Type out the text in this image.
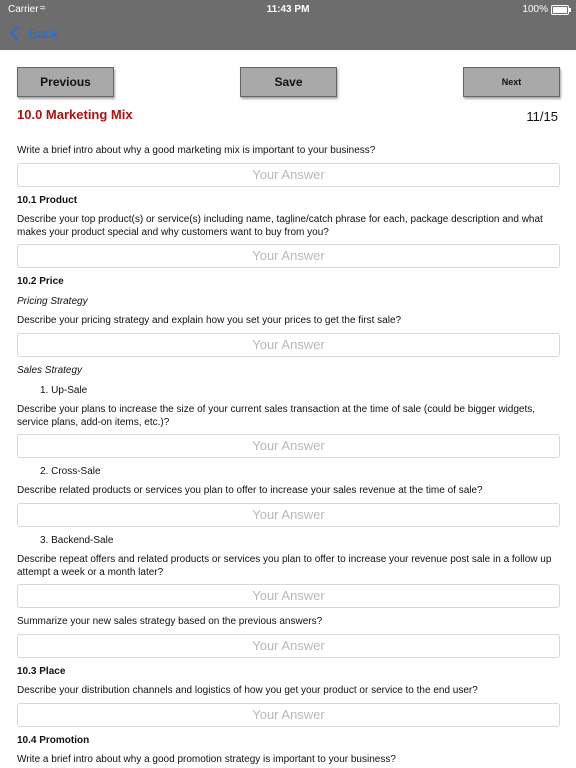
Carrier ≈	11:43 PM	100%
Back
Previous	Save	Next
10.0 Marketing Mix	11/15
Write a brief intro about why a good marketing mix is important to your business?
Your Answer
10.1 Product
Describe your top product(s) or service(s) including name, tagline/catch phrase for each, package description and what makes your product special and why customers want to buy from you?
Your Answer
10.2 Price
Pricing Strategy
Describe your pricing strategy and explain how you set your prices to get the first sale?
Your Answer
Sales Strategy
1. Up-Sale
Describe your plans to increase the size of your current sales transaction at the time of sale (could be bigger widgets, service plans, add-on items, etc.)?
Your Answer
2. Cross-Sale
Describe related products or services you plan to offer to increase your sales revenue at the time of sale?
Your Answer
3. Backend-Sale
Describe repeat offers and related products or services you plan to offer to increase your revenue post sale in a follow up attempt a week or a month later?
Your Answer
Summarize your new sales strategy based on the previous answers?
Your Answer
10.3 Place
Describe your distribution channels and logistics of how you get your product or service to the end user?
Your Answer
10.4 Promotion
Write a brief intro about why a good promotion strategy is important to your business?
